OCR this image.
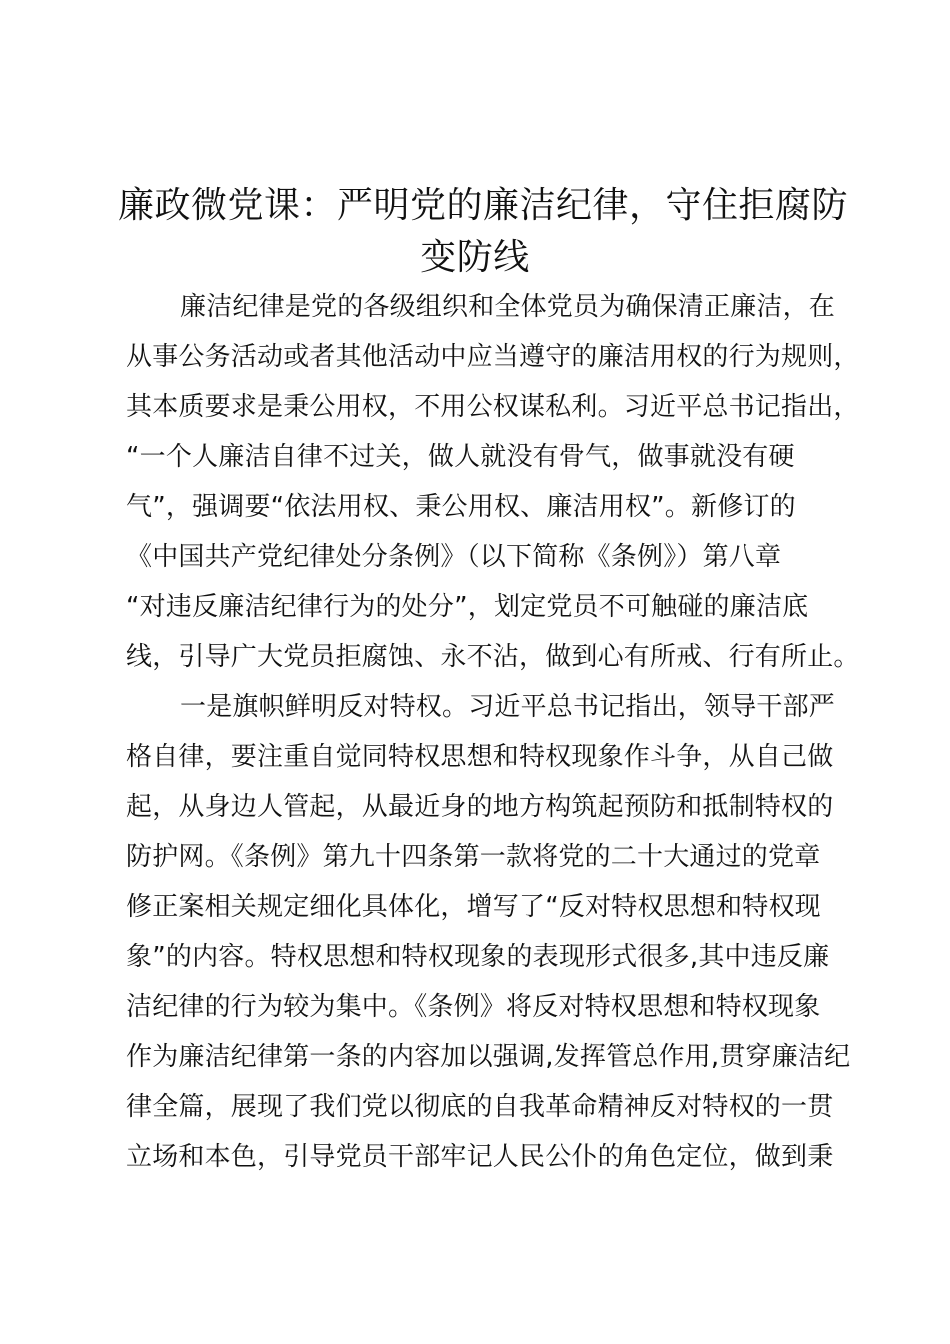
廉政微党课：严明党的廉洁纪律，守住拒腐防
变防线
廉洁纪律是党的各级组织和全体党员为确保清正廉洁，在
从事公务活动或者其他活动中应当遵守的廉洁用权的行为规则，
其本质要求是秉公用权，不用公权谋私利。习近平总书记指出，
“一个人廉洁自律不过关，做人就没有骨气，做事就没有硬
气”，强调要“依法用权、秉公用权、廉洁用权”。新修订的
《中国共产党纪律处分条例》（以下简称《条例》）第八章
“对违反廉洁纪律行为的处分”，划定党员不可触碰的廉洁底
线，引导广大党员拒腐蚀、永不沾，做到心有所戒、行有所止。
一是旗帜鲜明反对特权。习近平总书记指出，领导干部严
格自律，要注重自觉同特权思想和特权现象作斗争，从自己做
起，从身边人管起，从最近身的地方构筑起预防和抵制特权的
防护网。《条例》第九十四条第一款将党的二十大通过的党章
修正案相关规定细化具体化，增写了“反对特权思想和特权现
象”的内容。特权思想和特权现象的表现形式很多,其中违反廉
洁纪律的行为较为集中。《条例》将反对特权思想和特权现象
作为廉洁纪律第一条的内容加以强调,发挥管总作用,贯穿廉洁纪
律全篇，展现了我们党以彻底的自我革命精神反对特权的一贯
立场和本色，引导党员干部牢记人民公仆的角色定位，做到秉
